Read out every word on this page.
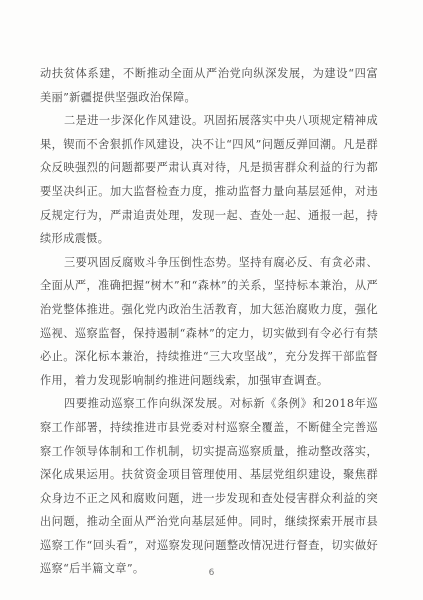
动扶贫体系建，不断推动全面从严治党向纵深发展，为建设“四富美丽”新疆提供坚强政治保障。

二是进一步深化作风建设。巩固拓展落实中央八项规定精神成果，锲而不舍狠抓作风建设，决不让“四风”问题反弹回潮。凡是群众反映强烈的问题都要严肃认真对待，凡是损害群众利益的行为都要坚决纠正。加大监督检查力度，推动监督力量向基层延伸，对违反规定行为，严肃追责处理，发现一起、查处一起、通报一起，持续形成震慑。

三要巩固反腐败斗争压倒性态势。坚持有腐必反、有贪必肃、全面从严，准确把握“树木”和“森林”的关系，坚持标本兼治，从严治党整体推进。强化党内政治生活教育，加大惩治腐败力度，强化巡视、巡察监督，保持遏制“森林”的定力，切实做到有令必行有禁必止。深化标本兼治，持续推进“三大攻坚战”，充分发挥干部监督作用，着力发现影响制约推进问题线索，加强审查调查。

四要推动巡察工作向纵深发展。对标新《条例》和2018年巡察工作部署，持续推进市县党委对村巡察全覆盖，不断健全完善巡察工作领导体制和工作机制，切实提高巡察质量，推动整改落实，深化成果运用。扶贫资金项目管理使用、基层党组织建设，聚焦群众身边不正之风和腐败问题，进一步发现和查处侵害群众利益的突出问题，推动全面从严治党向基层延伸。同时，继续探索开展市县巡察工作“回头看”，对巡察发现问题整改情况进行督查，切实做好巡察“后半篇文章”。	6
